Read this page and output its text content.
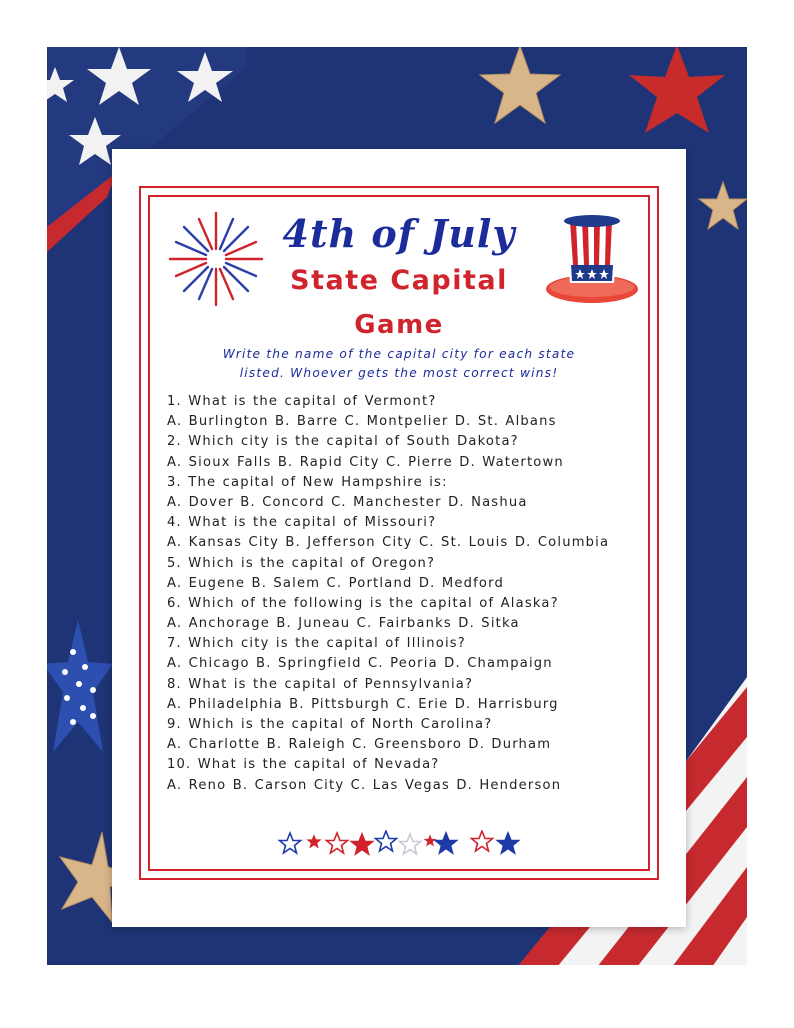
4th of July
State Capital
Game
Write the name of the capital city for each state
listed. Whoever gets the most correct wins!
1. What is the capital of Vermont?
A. Burlington B. Barre C. Montpelier D. St. Albans
2. Which city is the capital of South Dakota?
A. Sioux Falls B. Rapid City C. Pierre D. Watertown
3. The capital of New Hampshire is:
A. Dover B. Concord C. Manchester D. Nashua
4. What is the capital of Missouri?
A. Kansas City B. Jefferson City C. St. Louis D. Columbia
5. Which is the capital of Oregon?
A. Eugene B. Salem C. Portland D. Medford
6. Which of the following is the capital of Alaska?
A. Anchorage B. Juneau C. Fairbanks D. Sitka
7. Which city is the capital of Illinois?
A. Chicago B. Springfield C. Peoria D. Champaign
8. What is the capital of Pennsylvania?
A. Philadelphia B. Pittsburgh C. Erie D. Harrisburg
9. Which is the capital of North Carolina?
A. Charlotte B. Raleigh C. Greensboro D. Durham
10. What is the capital of Nevada?
A. Reno B. Carson City C. Las Vegas D. Henderson
